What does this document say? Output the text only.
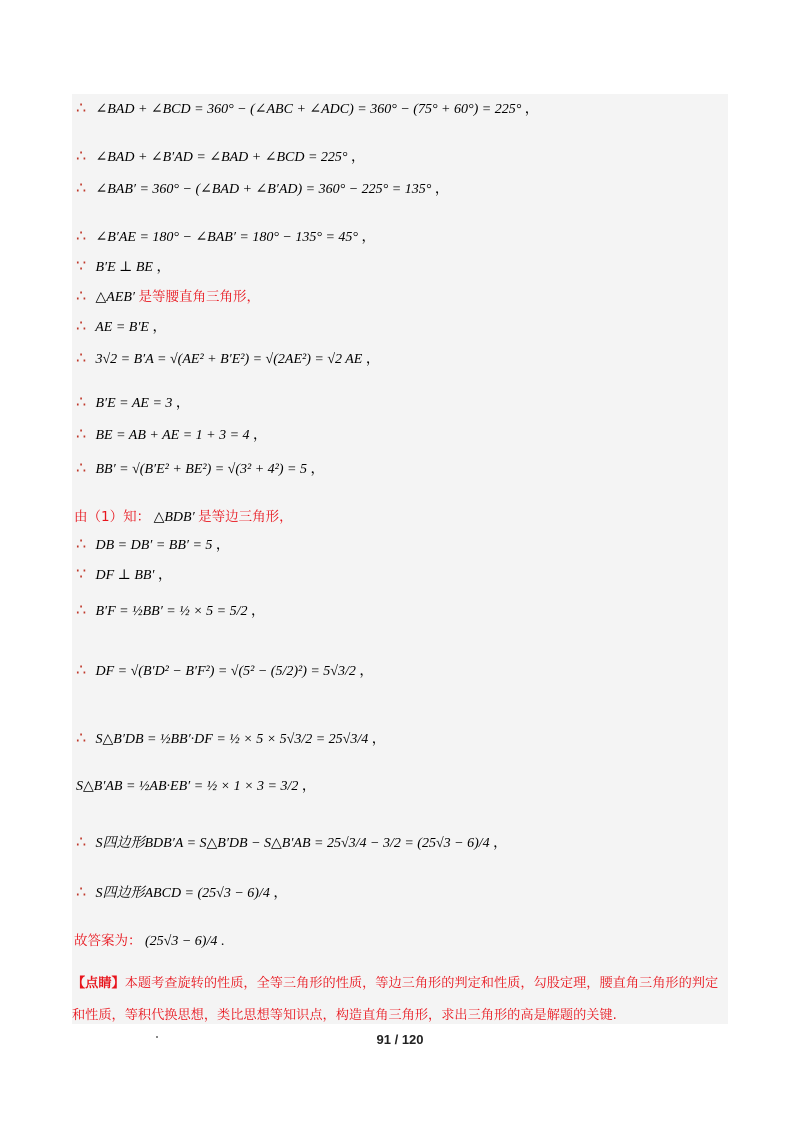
∴ ∠BAD + ∠BCD = 360° − (∠ABC + ∠ADC) = 360° − (75° + 60°) = 225° ，
∴ ∠BAD + ∠B′AD = ∠BAD + ∠BCD = 225° ，
∴ ∠BAB′ = 360° − (∠BAD + ∠B′AD) = 360° − 225° = 135° ，
∴ ∠B′AE = 180° − ∠BAB′ = 180° − 135° = 45° ，
∵ B′E ⊥ BE ，
∴ △AEB′ 是等腰直角三角形，
∴ AE = B′E ，
∴ 3√2 = B′A = √(AE² + B′E²) = √(2AE²) = √2 AE ，
∴ B′E = AE = 3 ，
∴ BE = AB + AE = 1 + 3 = 4 ，
∴ BB′ = √(B′E² + BE²) = √(3² + 4²) = 5 ，
由（1）知： △BDB′ 是等边三角形，
∴ DB = DB′ = BB′ = 5 ，
∵ DF ⊥ BB′ ，
∴ B′F = ½BB′ = ½ × 5 = 5/2 ，
∴ DF = √(B′D² − B′F²) = √(5² − (5/2)²) = 5√3/2 ，
∴ S△B′DB = ½BB′·DF = ½ × 5 × 5√3/2 = 25√3/4 ，
S△B′AB = ½AB·EB′ = ½ × 1 × 3 = 3/2 ，
∴ S四边形BDB′A = S△B′DB − S△B′AB = 25√3/4 − 3/2 = (25√3 − 6)/4 ，
∴ S四边形ABCD = (25√3 − 6)/4 ，
故答案为： (25√3 − 6)/4 .
【点睛】本题考查旋转的性质，全等三角形的性质，等边三角形的判定和性质，勾股定理，腰直角三角形的判定和性质，等积代换思想，类比思想等知识点，构造直角三角形，求出三角形的高是解题的关键.
91 / 120
